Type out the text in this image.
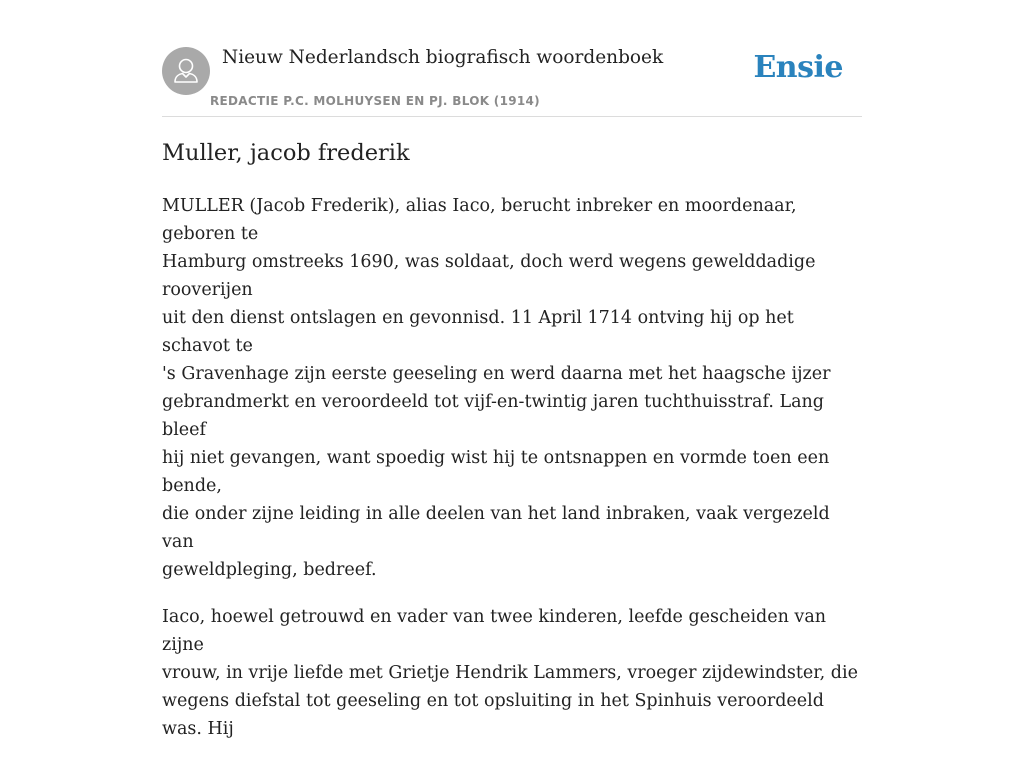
Nieuw Nederlandsch biografisch woordenboek
REDACTIE P.C. MOLHUYSEN EN PJ. BLOK (1914)
Ensie
Muller, jacob frederik

MULLER (Jacob Frederik), alias Iaco, berucht inbreker en moordenaar, geboren te
Hamburg omstreeks 1690, was soldaat, doch werd wegens gewelddadige rooverijen
uit den dienst ontslagen en gevonnisd. 11 April 1714 ontving hij op het schavot te
's Gravenhage zijn eerste geeseling en werd daarna met het haagsche ijzer
gebrandmerkt en veroordeeld tot vijf-en-twintig jaren tuchthuisstraf. Lang bleef
hij niet gevangen, want spoedig wist hij te ontsnappen en vormde toen een bende,
die onder zijne leiding in alle deelen van het land inbraken, vaak vergezeld van
geweldpleging, bedreef.

Iaco, hoewel getrouwd en vader van twee kinderen, leefde gescheiden van zijne
vrouw, in vrije liefde met Grietje Hendrik Lammers, vroeger zijdewindster, die
wegens diefstal tot geeseling en tot opsluiting in het Spinhuis veroordeeld was. Hij
